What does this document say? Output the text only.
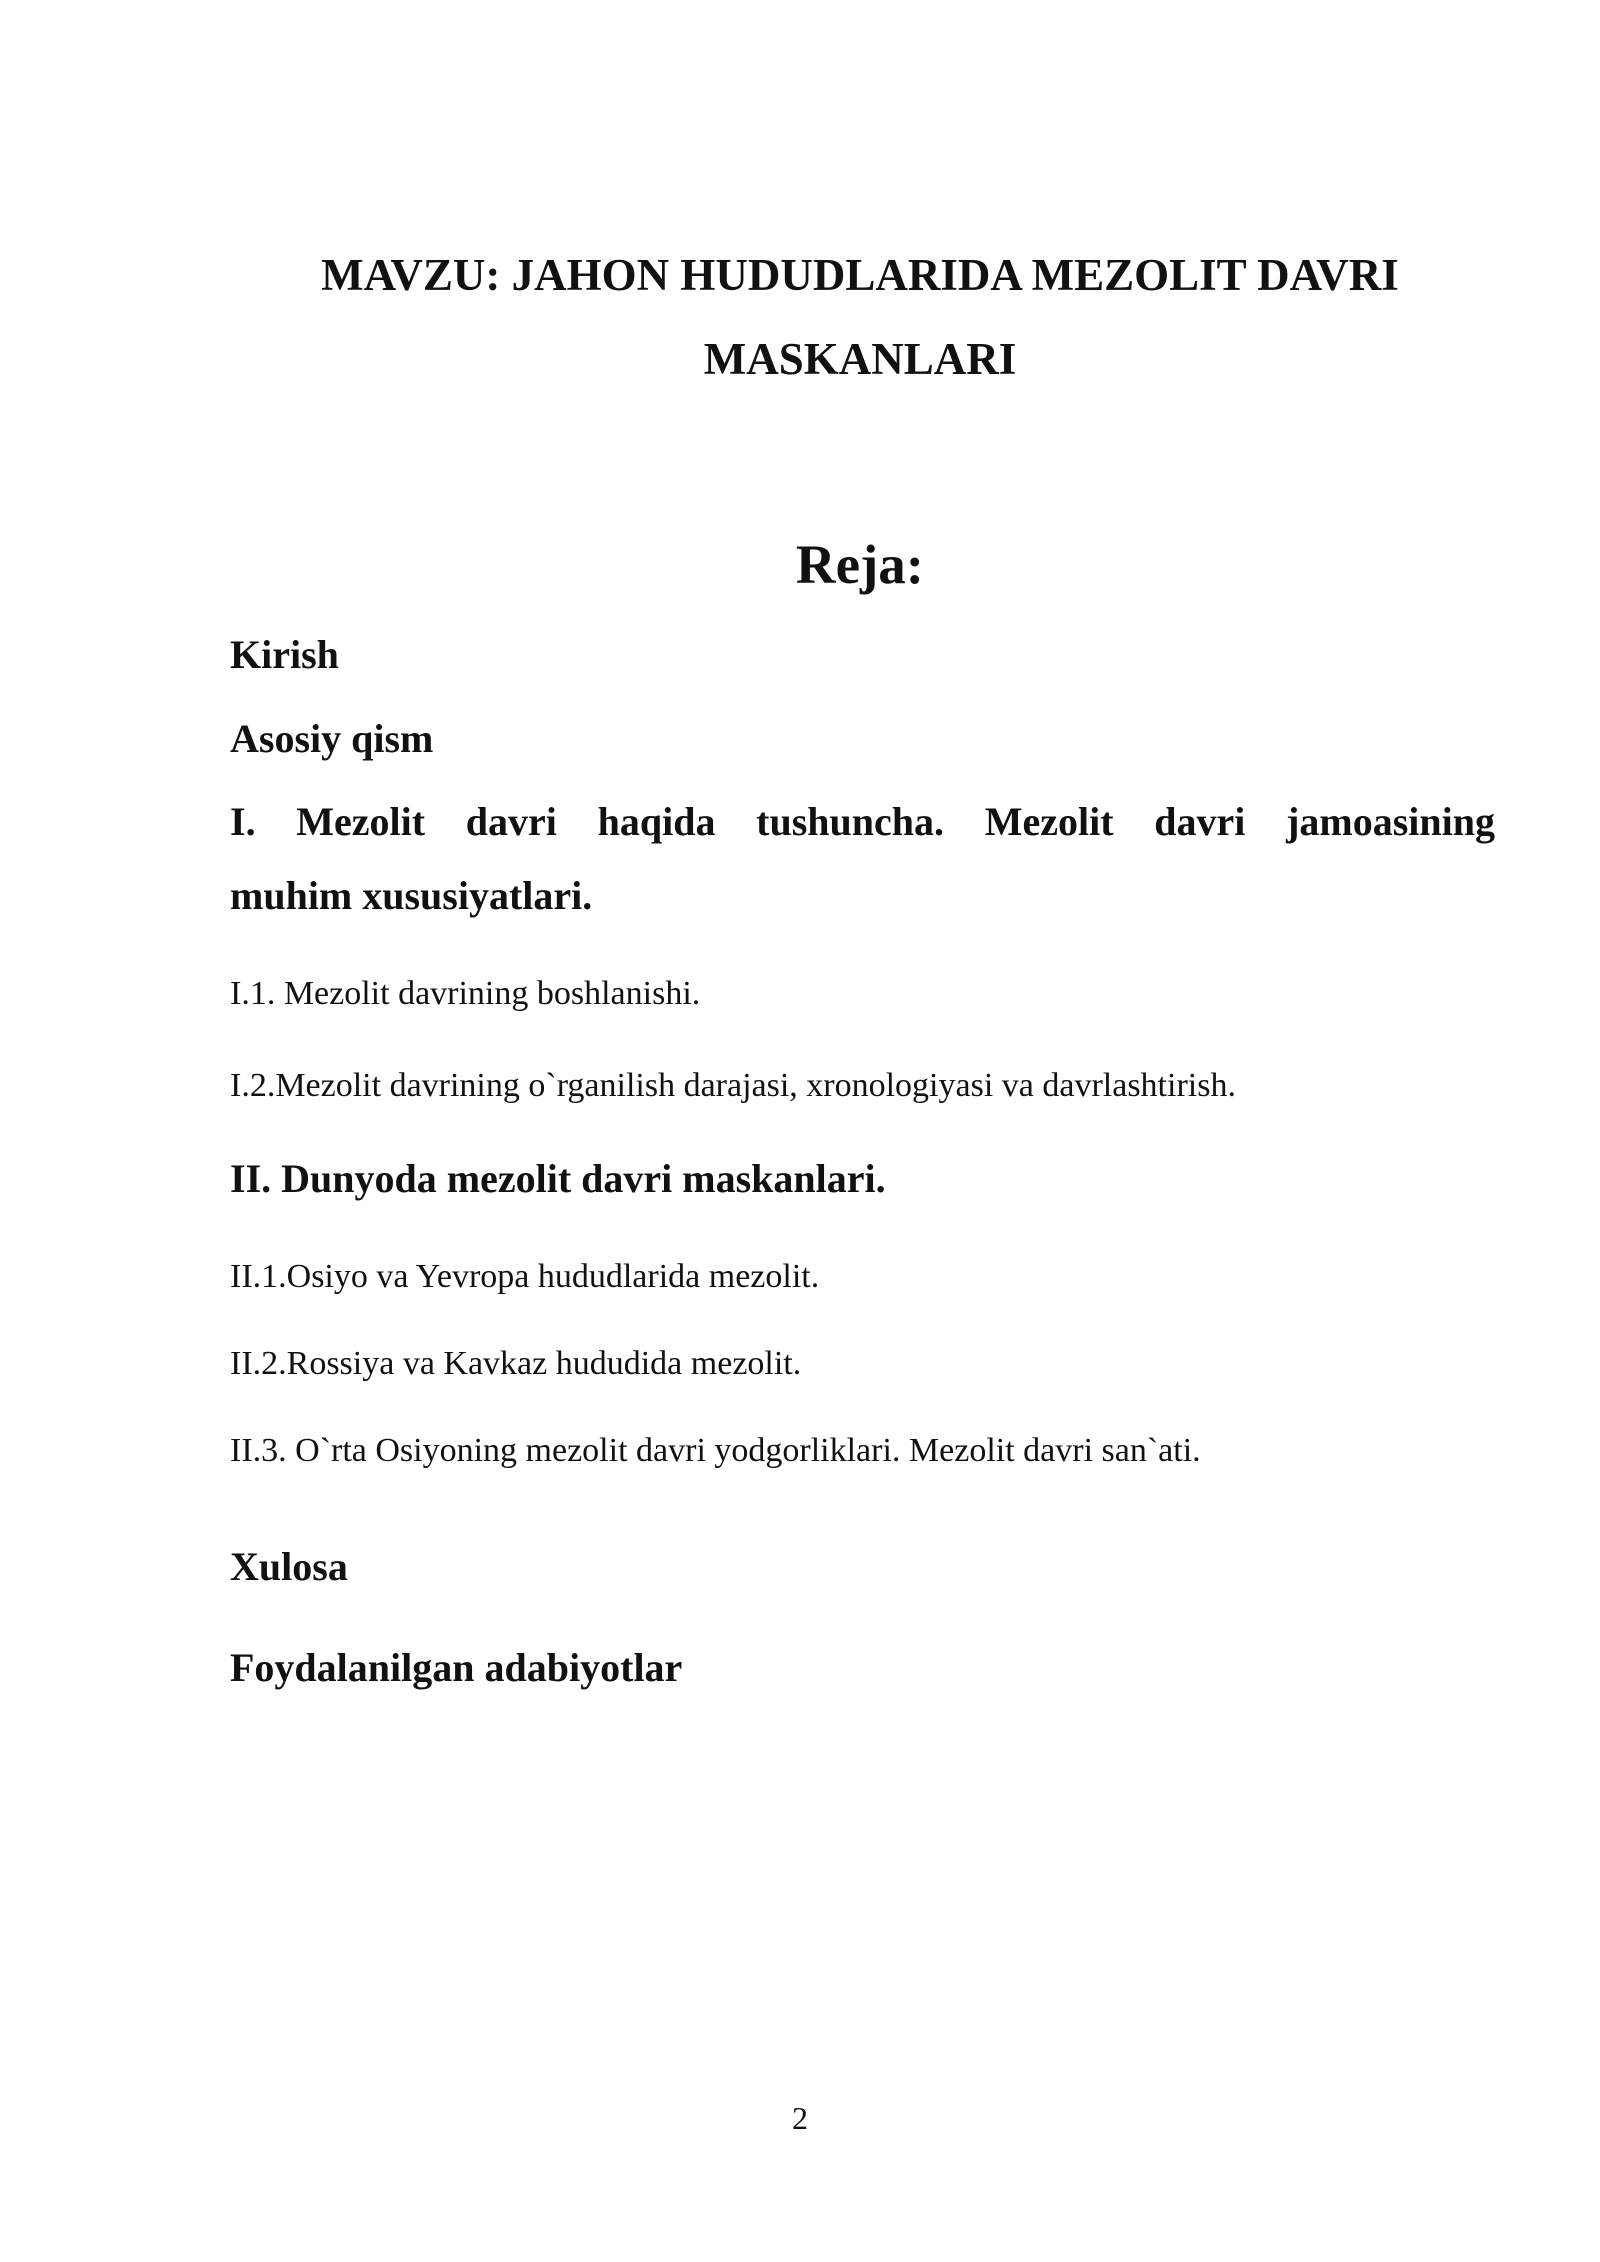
MAVZU: JAHON HUDUDLARIDA MEZOLIT DAVRI
MASKANLARI
Reja:

Kirish

Asosiy qism

I. Mezolit davri haqida tushuncha. Mezolit davri jamoasining
muhim xususiyatlari.

I.1. Mezolit davrining boshlanishi.

I.2.Mezolit davrining o`rganilish darajasi, xronologiyasi va davrlashtirish.

II. Dunyoda mezolit davri maskanlari.

II.1.Osiyo va Yevropa hududlarida mezolit.

II.2.Rossiya va Kavkaz hududida mezolit.

II.3. O`rta Osiyoning mezolit davri yodgorliklari. Mezolit davri san`ati.

Xulosa

Foydalanilgan adabiyotlar

2
